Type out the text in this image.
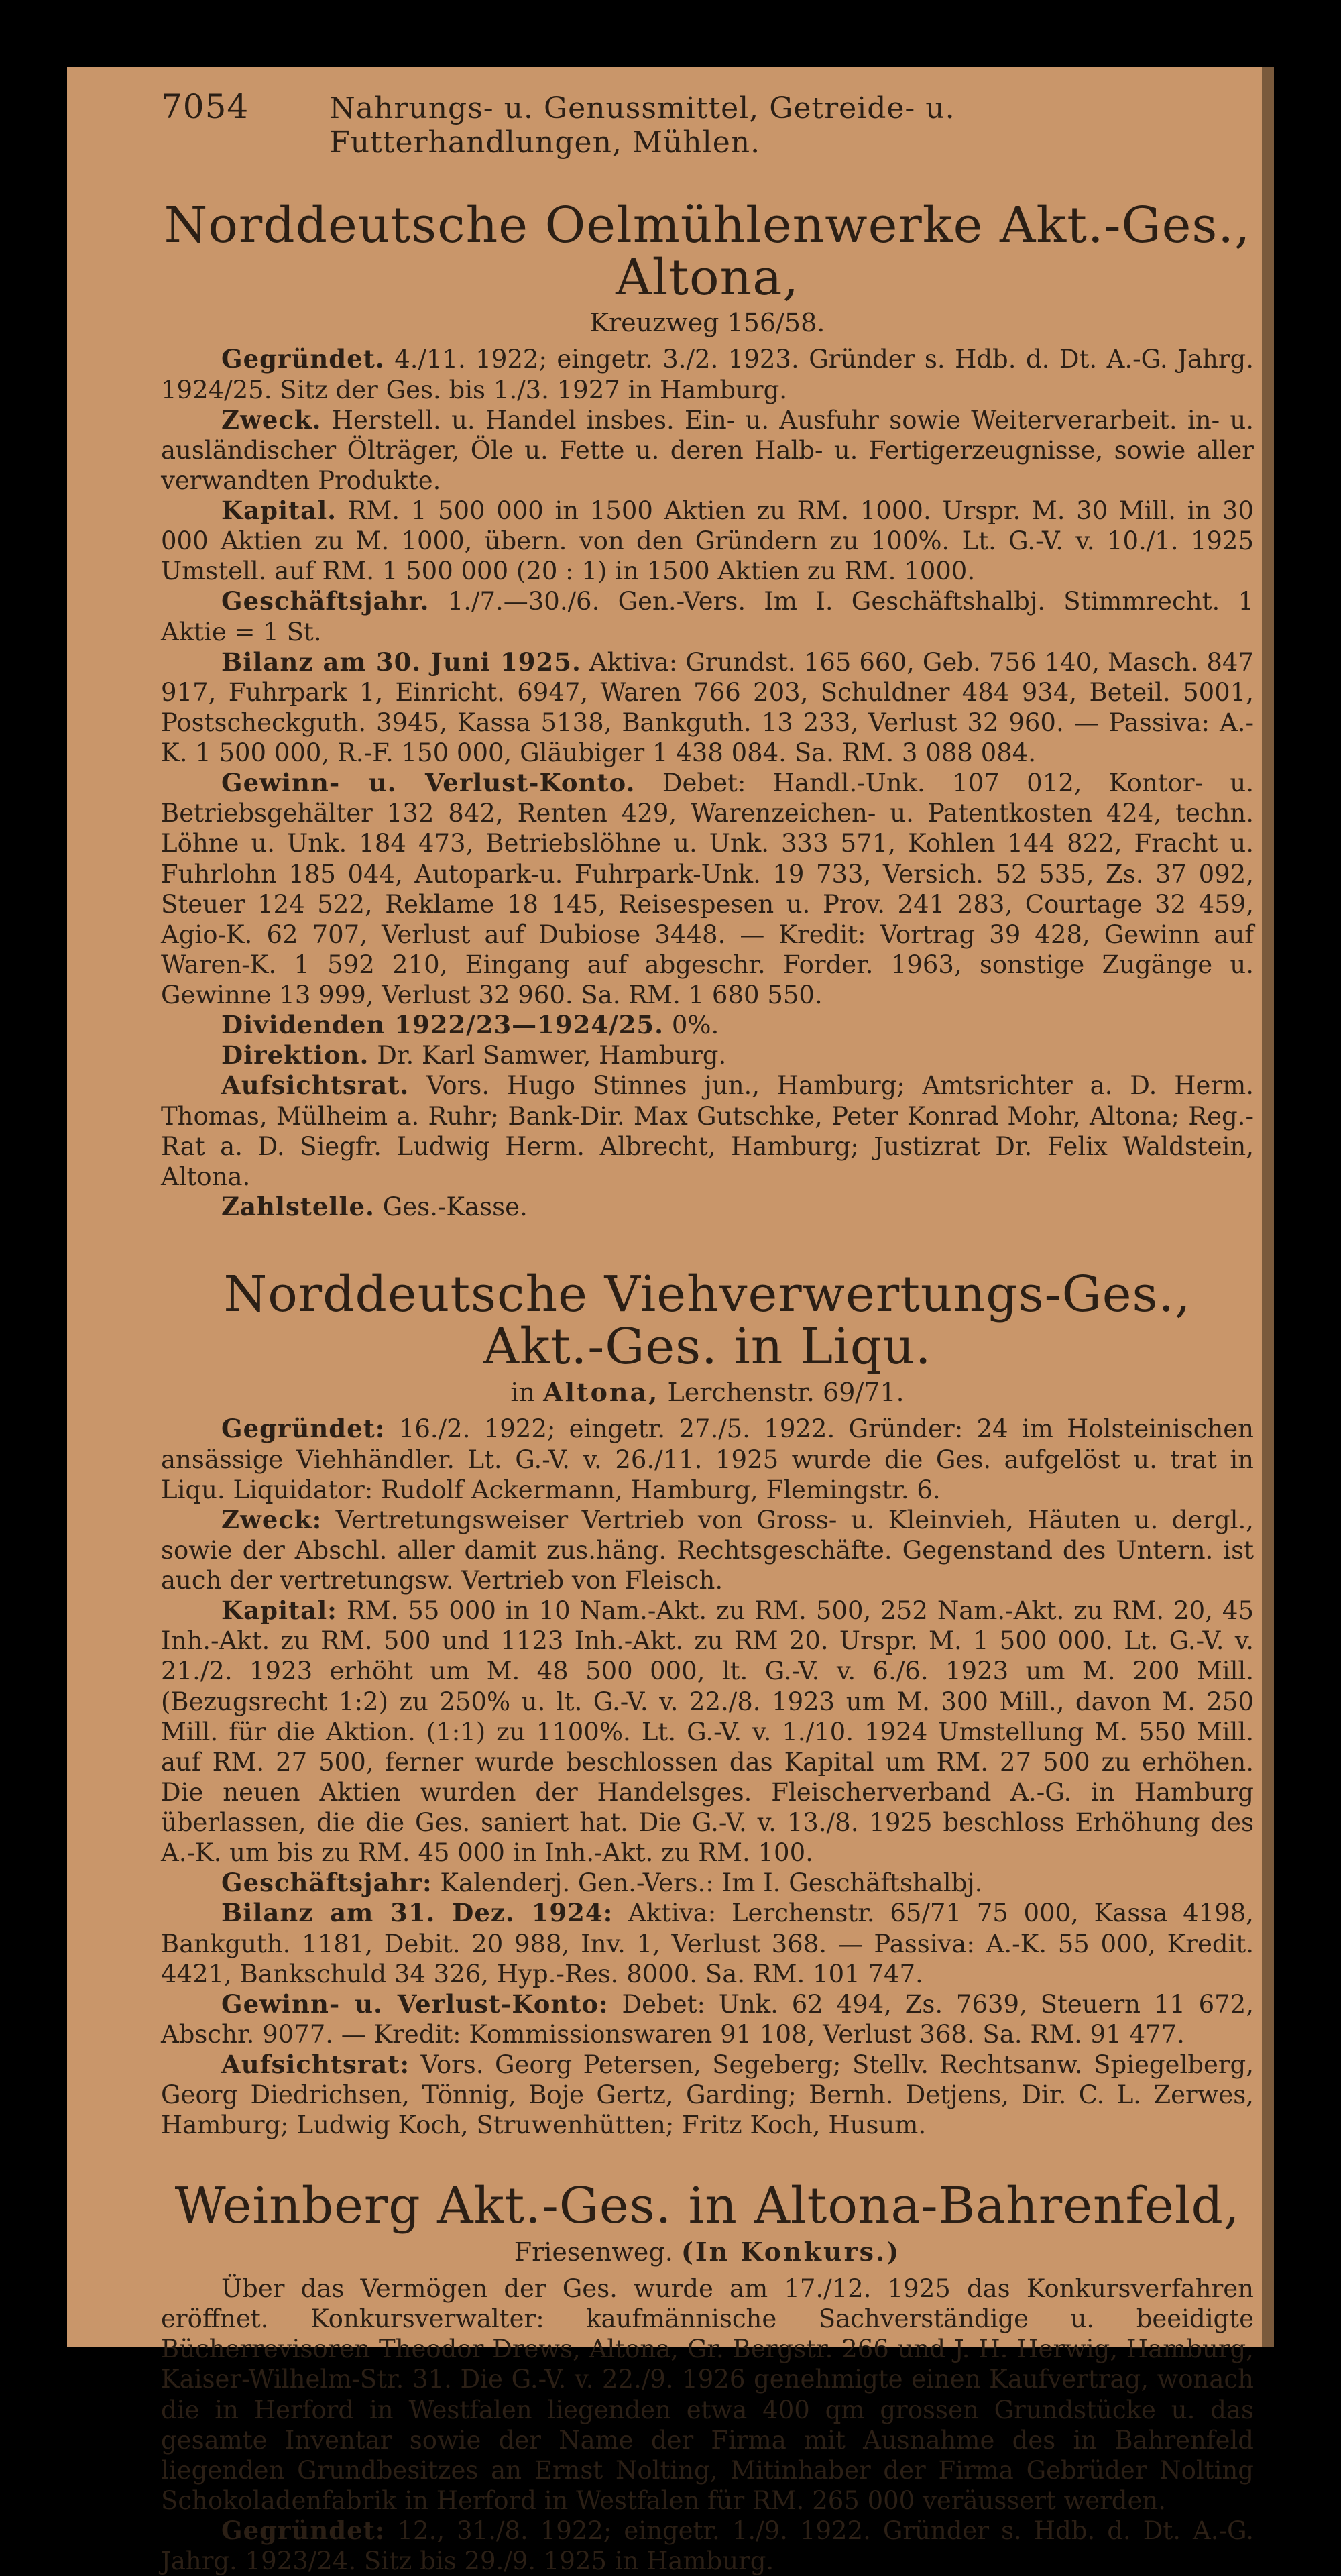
7054	Nahrungs- u. Genussmittel, Getreide- u. Futterhandlungen, Mühlen.
Norddeutsche Oelmühlenwerke Akt.-Ges., Altona,
Kreuzweg 156/58.

Gegründet. 4./11. 1922; eingetr. 3./2. 1923. Gründer s. Hdb. d. Dt. A.-G. Jahrg. 1924/25. Sitz der Ges. bis 1./3. 1927 in Hamburg.

Zweck. Herstell. u. Handel insbes. Ein- u. Ausfuhr sowie Weiterverarbeit. in- u. ausländischer Ölträger, Öle u. Fette u. deren Halb- u. Fertigerzeugnisse, sowie aller verwandten Produkte.

Kapital. RM. 1 500 000 in 1500 Aktien zu RM. 1000. Urspr. M. 30 Mill. in 30 000 Aktien zu M. 1000, übern. von den Gründern zu 100%. Lt. G.-V. v. 10./1. 1925 Umstell. auf RM. 1 500 000 (20 : 1) in 1500 Aktien zu RM. 1000.

Geschäftsjahr. 1./7.—30./6. Gen.-Vers. Im I. Geschäftshalbj. Stimmrecht. 1 Aktie = 1 St.

Bilanz am 30. Juni 1925. Aktiva: Grundst. 165 660, Geb. 756 140, Masch. 847 917, Fuhrpark 1, Einricht. 6947, Waren 766 203, Schuldner 484 934, Beteil. 5001, Postscheckguth. 3945, Kassa 5138, Bankguth. 13 233, Verlust 32 960. — Passiva: A.-K. 1 500 000, R.-F. 150 000, Gläubiger 1 438 084. Sa. RM. 3 088 084.

Gewinn- u. Verlust-Konto. Debet: Handl.-Unk. 107 012, Kontor- u. Betriebsgehälter 132 842, Renten 429, Warenzeichen- u. Patentkosten 424, techn. Löhne u. Unk. 184 473, Betriebslöhne u. Unk. 333 571, Kohlen 144 822, Fracht u. Fuhrlohn 185 044, Autopark-u. Fuhrpark-Unk. 19 733, Versich. 52 535, Zs. 37 092, Steuer 124 522, Reklame 18 145, Reisespesen u. Prov. 241 283, Courtage 32 459, Agio-K. 62 707, Verlust auf Dubiose 3448. — Kredit: Vortrag 39 428, Gewinn auf Waren-K. 1 592 210, Eingang auf abgeschr. Forder. 1963, sonstige Zugänge u. Gewinne 13 999, Verlust 32 960. Sa. RM. 1 680 550.

Dividenden 1922/23—1924/25. 0%.

Direktion. Dr. Karl Samwer, Hamburg.

Aufsichtsrat. Vors. Hugo Stinnes jun., Hamburg; Amtsrichter a. D. Herm. Thomas, Mülheim a. Ruhr; Bank-Dir. Max Gutschke, Peter Konrad Mohr, Altona; Reg.-Rat a. D. Siegfr. Ludwig Herm. Albrecht, Hamburg; Justizrat Dr. Felix Waldstein, Altona.

Zahlstelle. Ges.-Kasse.

Norddeutsche Viehverwertungs-Ges., Akt.-Ges. in Liqu.
in Altona, Lerchenstr. 69/71.

Gegründet: 16./2. 1922; eingetr. 27./5. 1922. Gründer: 24 im Holsteinischen ansässige Viehhändler. Lt. G.-V. v. 26./11. 1925 wurde die Ges. aufgelöst u. trat in Liqu. Liquidator: Rudolf Ackermann, Hamburg, Flemingstr. 6.

Zweck: Vertretungsweiser Vertrieb von Gross- u. Kleinvieh, Häuten u. dergl., sowie der Abschl. aller damit zus.häng. Rechtsgeschäfte. Gegenstand des Untern. ist auch der vertretungsw. Vertrieb von Fleisch.

Kapital: RM. 55 000 in 10 Nam.-Akt. zu RM. 500, 252 Nam.-Akt. zu RM. 20, 45 Inh.-Akt. zu RM. 500 und 1123 Inh.-Akt. zu RM 20. Urspr. M. 1 500 000. Lt. G.-V. v. 21./2. 1923 erhöht um M. 48 500 000, lt. G.-V. v. 6./6. 1923 um M. 200 Mill. (Bezugsrecht 1:2) zu 250% u. lt. G.-V. v. 22./8. 1923 um M. 300 Mill., davon M. 250 Mill. für die Aktion. (1:1) zu 1100%. Lt. G.-V. v. 1./10. 1924 Umstellung M. 550 Mill. auf RM. 27 500, ferner wurde beschlossen das Kapital um RM. 27 500 zu erhöhen. Die neuen Aktien wurden der Handelsges. Fleischerverband A.-G. in Hamburg überlassen, die die Ges. saniert hat. Die G.-V. v. 13./8. 1925 beschloss Erhöhung des A.-K. um bis zu RM. 45 000 in Inh.-Akt. zu RM. 100.

Geschäftsjahr: Kalenderj. Gen.-Vers.: Im I. Geschäftshalbj.

Bilanz am 31. Dez. 1924: Aktiva: Lerchenstr. 65/71 75 000, Kassa 4198, Bankguth. 1181, Debit. 20 988, Inv. 1, Verlust 368. — Passiva: A.-K. 55 000, Kredit. 4421, Bankschuld 34 326, Hyp.-Res. 8000. Sa. RM. 101 747.

Gewinn- u. Verlust-Konto: Debet: Unk. 62 494, Zs. 7639, Steuern 11 672, Abschr. 9077. — Kredit: Kommissionswaren 91 108, Verlust 368. Sa. RM. 91 477.

Aufsichtsrat: Vors. Georg Petersen, Segeberg; Stellv. Rechtsanw. Spiegelberg, Georg Diedrichsen, Tönnig, Boje Gertz, Garding; Bernh. Detjens, Dir. C. L. Zerwes, Hamburg; Ludwig Koch, Struwenhütten; Fritz Koch, Husum.

Weinberg Akt.-Ges. in Altona-Bahrenfeld,
Friesenweg. (In Konkurs.)

Über das Vermögen der Ges. wurde am 17./12. 1925 das Konkursverfahren eröffnet. Konkursverwalter: kaufmännische Sachverständige u. beeidigte Bücherrevisoren Theodor Drews, Altona, Gr. Bergstr. 266 und J. H. Herwig, Hamburg, Kaiser-Wilhelm-Str. 31. Die G.-V. v. 22./9. 1926 genehmigte einen Kaufvertrag, wonach die in Herford in Westfalen liegenden etwa 400 qm grossen Grundstücke u. das gesamte Inventar sowie der Name der Firma mit Ausnahme des in Bahrenfeld liegenden Grundbesitzes an Ernst Nolting, Mitinhaber der Firma Gebrüder Nolting Schokoladenfabrik in Herford in Westfalen für RM. 265 000 veräussert werden.

Gegründet: 12., 31./8. 1922; eingetr. 1./9. 1922. Gründer s. Hdb. d. Dt. A.-G. Jahrg. 1923/24. Sitz bis 29./9. 1925 in Hamburg.
